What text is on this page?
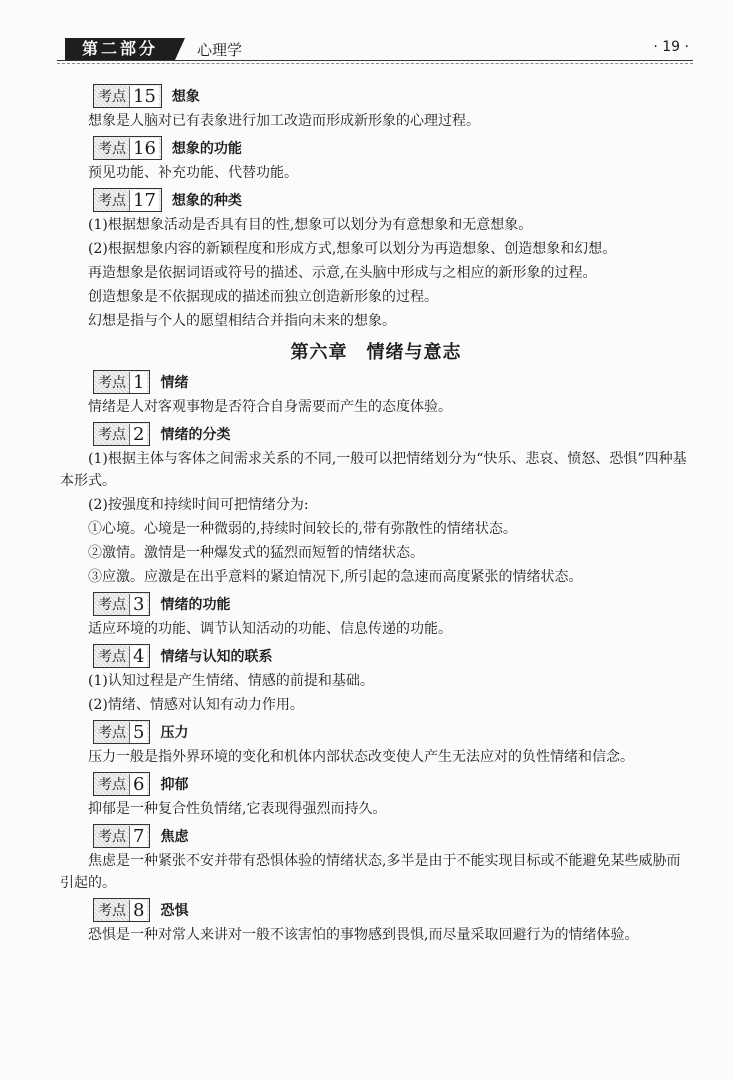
第二部分	心理学	· 19 ·
考点 15 想象

想象是人脑对已有表象进行加工改造而形成新形象的心理过程。

考点 16 想象的功能

预见功能、补充功能、代替功能。

考点 17 想象的种类

(1)根据想象活动是否具有目的性,想象可以划分为有意想象和无意想象。

(2)根据想象内容的新颖程度和形成方式,想象可以划分为再造想象、创造想象和幻想。

再造想象是依据词语或符号的描述、示意,在头脑中形成与之相应的新形象的过程。

创造想象是不依据现成的描述而独立创造新形象的过程。

幻想是指与个人的愿望相结合并指向未来的想象。

第六章　情绪与意志
考点 1 情绪

情绪是人对客观事物是否符合自身需要而产生的态度体验。

考点 2 情绪的分类

(1)根据主体与客体之间需求关系的不同,一般可以把情绪划分为“快乐、悲哀、愤怒、恐惧”四种基本形式。

(2)按强度和持续时间可把情绪分为:

①心境。心境是一种微弱的,持续时间较长的,带有弥散性的情绪状态。

②激情。激情是一种爆发式的猛烈而短暂的情绪状态。

③应激。应激是在出乎意料的紧迫情况下,所引起的急速而高度紧张的情绪状态。

考点 3 情绪的功能

适应环境的功能、调节认知活动的功能、信息传递的功能。

考点 4 情绪与认知的联系

(1)认知过程是产生情绪、情感的前提和基础。

(2)情绪、情感对认知有动力作用。

考点 5 压力

压力一般是指外界环境的变化和机体内部状态改变使人产生无法应对的负性情绪和信念。

考点 6 抑郁

抑郁是一种复合性负情绪,它表现得强烈而持久。

考点 7 焦虑

焦虑是一种紧张不安并带有恐惧体验的情绪状态,多半是由于不能实现目标或不能避免某些威胁而引起的。

考点 8 恐惧

恐惧是一种对常人来讲对一般不该害怕的事物感到畏惧,而尽量采取回避行为的情绪体验。
